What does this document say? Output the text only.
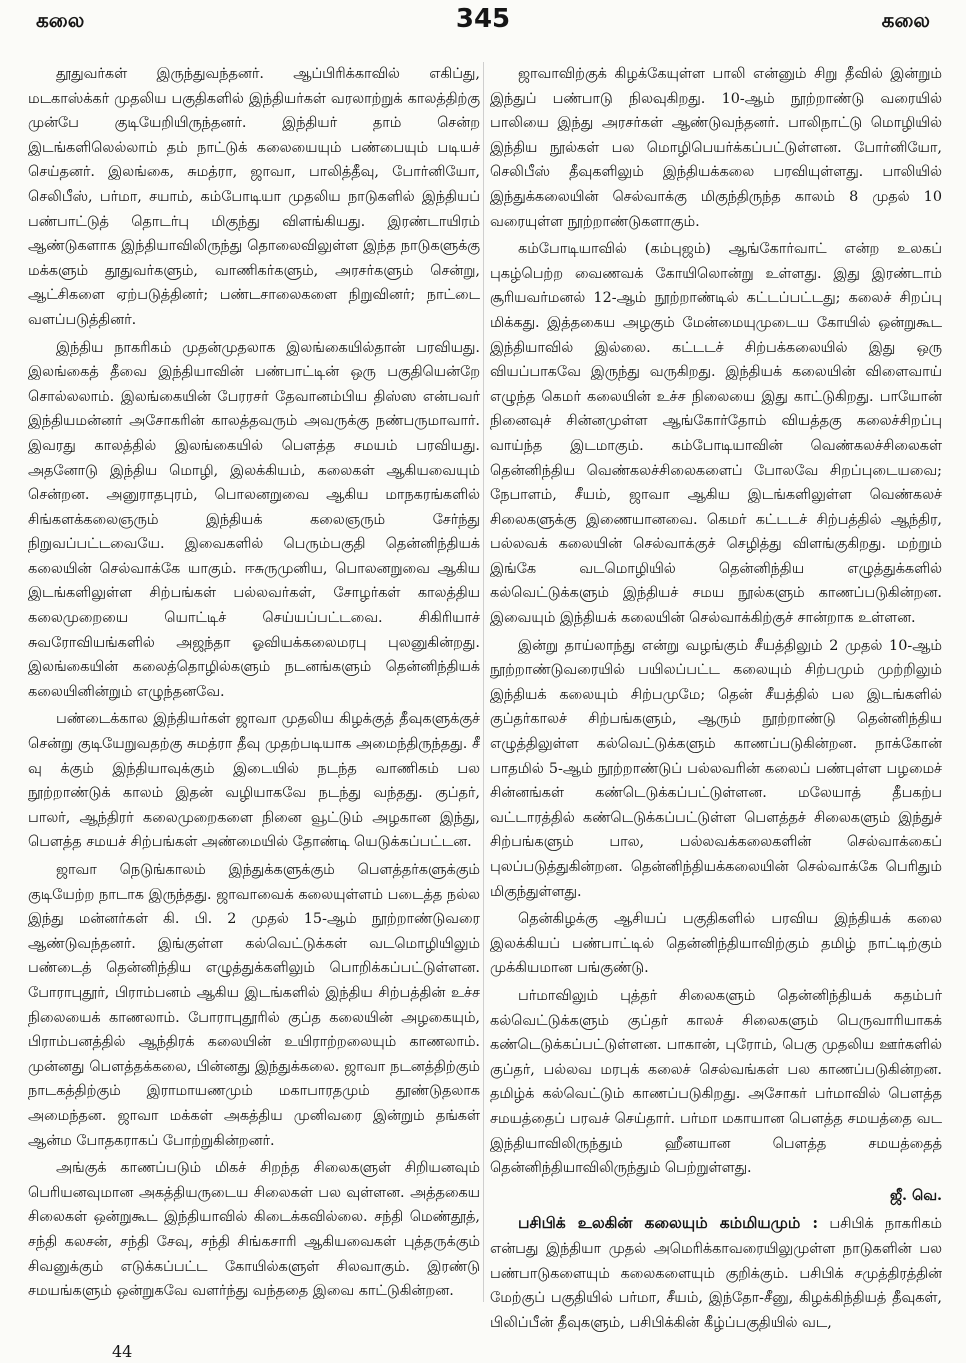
கலை	345	கலை

தூதுவர்கள் இருந்துவந்தனர். ஆப்பிரிக்காவில் எகிப்து, மடகாஸ்க்கர் முதலிய பகுதிகளில் இந்தியர்கள் வரலாற்றுக் காலத்திற்கு முன்பே குடியேறியிருந்தனர். இந்தியர் தாம் சென்ற இடங்களிலெல்லாம் தம் நாட்டுக் கலையையும் பண்பையும் படியச் செய்தனர். இலங்கை, சுமத்ரா, ஜாவா, பாலித்தீவு, போர்னியோ, செலிபீஸ், பர்மா, சயாம், கம்போடியா முதலிய நாடுகளில் இந்தியப் பண்பாட்டுத் தொடர்பு மிகுந்து விளங்கியது. இரண்டாயிரம் ஆண்டுகளாக இந்தியாவிலிருந்து தொலைவிலுள்ள இந்த நாடுகளுக்கு மக்களும் தூதுவர்களும், வாணிகர்களும், அரசர்களும் சென்று, ஆட்சிகளை ஏற்படுத்தினர்; பண்டசாலைகளை நிறுவினர்; நாட்டை வளப்படுத்தினர்.

இந்திய நாகரிகம் முதன்முதலாக இலங்கையில்தான் பரவியது. இலங்கைத் தீவை இந்தியாவின் பண்பாட்டின் ஒரு பகுதியென்றே சொல்லலாம். இலங்கையின் பேரரசர் தேவானம்பிய திஸ்ஸ என்பவர் இந்தியமன்னர் அசோகரின் காலத்தவரும் அவருக்கு நண்பருமாவார். இவரது காலத்தில் இலங்கையில் பௌத்த சமயம் பரவியது. அதனோடு இந்திய மொழி, இலக்கியம், கலைகள் ஆகியவையும் சென்றன. அனுராதபுரம், பொலனறுவை ஆகிய மாநகரங்களில் சிங்களக்கலைஞரும் இந்தியக் கலைஞரும் சேர்ந்து நிறுவப்பட்டவையே. இவைகளில் பெரும்பகுதி தென்னிந்தியக் கலையின் செல்வாக்கே யாகும். ஈசுருமுனிய, பொலனறுவை ஆகிய இடங்களிலுள்ள சிற்பங்கள் பல்லவர்கள், சோழர்கள் காலத்திய கலைமுறையை யொட்டிச் செய்யப்பட்டவை. சிகிரியாச் சுவரோவியங்களில் அஜந்தா ஓவியக்கலைமரபு புலனுகின்றது. இலங்கையின் கலைத்தொழில்களும் நடனங்களும் தென்னிந்தியக் கலையினின்றும் எழுந்தனவே.

பண்டைக்கால இந்தியர்கள் ஜாவா முதலிய கிழக்குத் தீவுகளுக்குச் சென்று குடியேறுவதற்கு சுமத்ரா தீவு முதற்படியாக அமைந்திருந்தது. சீ வு க்கும் இந்தியாவுக்கும் இடையில் நடந்த வாணிகம் பல நூற்றாண்டுக் காலம் இதன் வழியாகவே நடந்து வந்தது. குப்தர், பாலர், ஆந்திரர் கலைமுறைகளை நினை வூட்டும் அழகான இந்து, பௌத்த சமயச் சிற்பங்கள் அண்மையில் தோண்டி யெடுக்கப்பட்டன.

ஜாவா நெடுங்காலம் இந்துக்களுக்கும் பௌத்தர்களுக்கும் குடியேற்ற நாடாக இருந்தது. ஜாவாவைக் கலையுள்ளம் படைத்த நல்ல இந்து மன்னர்கள் கி. பி. 2 முதல் 15-ஆம் நூற்றாண்டுவரை ஆண்டுவந்தனர். இங்குள்ள கல்வெட்டுக்கள் வடமொழியிலும் பண்டைத் தென்னிந்திய எழுத்துக்களிலும் பொறிக்கப்பட்டுள்ளன. போராபுதூர், பிராம்பனம் ஆகிய இடங்களில் இந்திய சிற்பத்தின் உச்ச நிலையைக் காணலாம். போராபுதூரில் குப்த கலையின் அழகையும், பிராம்பனத்தில் ஆந்திரக் கலையின் உயிராற்றலையும் காணலாம். முன்னது பௌத்தக்கலை, பின்னது இந்துக்கலை. ஜாவா நடனத்திற்கும் நாடகத்திற்கும் இராமாயணமும் மகாபாரதமும் தூண்டுதலாக அமைந்தன. ஜாவா மக்கள் அகத்திய முனிவரை இன்றும் தங்கள் ஆன்ம போதகராகப் போற்றுகின்றனர்.

அங்குக் காணப்படும் மிகச் சிறந்த சிலைகளுள் சிறியனவும் பெரியனவுமான அகத்தியருடைய சிலைகள் பல வுள்ளன. அத்தகைய சிலைகள் ஒன்றுகூட இந்தியாவில் கிடைக்கவில்லை. சந்தி மெண்தூத், சந்தி கலசன், சந்தி சேவு, சந்தி சிங்கசாரி ஆகியவைகள் புத்தருக்கும் சிவனுக்கும் எடுக்கப்பட்ட கோயில்களுள் சிலவாகும். இரண்டு சமயங்களும் ஒன்றுகவே வளர்ந்து வந்ததை இவை காட்டுகின்றன.

ஜாவாவிற்குக் கிழக்கேயுள்ள பாலி என்னும் சிறு தீவில் இன்றும் இந்துப் பண்பாடு நிலவுகிறது. 10-ஆம் நூற்றாண்டு வரையில் பாலியை இந்து அரசர்கள் ஆண்டுவந்தனர். பாலிநாட்டு மொழியில் இந்திய நூல்கள் பல மொழிபெயர்க்கப்பட்டுள்ளன. போர்னியோ, செலிபீஸ் தீவுகளிலும் இந்தியக்கலை பரவியுள்ளது. பாலியில் இந்துக்கலையின் செல்வாக்கு மிகுந்திருந்த காலம் 8 முதல் 10 வரையுள்ள நூற்றாண்டுகளாகும்.

கம்போடியாவில் (கம்புஜம்) ஆங்கோர்வாட் என்ற உலகப் புகழ்பெற்ற வைணவக் கோயிலொன்று உள்ளது. இது இரண்டாம் சூரியவர்மனல் 12-ஆம் நூற்றாண்டில் கட்டப்பட்டது; கலைச் சிறப்பு மிக்கது. இத்தகைய அழகும் மேன்மையுமுடைய கோயில் ஒன்றுகூட இந்தியாவில் இல்லை. கட்டடச் சிற்பக்கலையில் இது ஒரு வியப்பாகவே இருந்து வருகிறது. இந்தியக் கலையின் விளைவாய் எழுந்த கெமர் கலையின் உச்ச நிலையை இது காட்டுகிறது. பாயோன் நினைவுச் சின்னமுள்ள ஆங்கோர்தோம் வியத்தகு கலைச்சிறப்பு வாய்ந்த இடமாகும். கம்போடியாவின் வெண்கலச்சிலைகள் தென்னிந்திய வெண்கலச்சிலைகளைப் போலவே சிறப்புடையவை; நேபாளம், சீயம், ஜாவா ஆகிய இடங்களிலுள்ள வெண்கலச் சிலைகளுக்கு இணையானவை. கெமர் கட்டடச் சிற்பத்தில் ஆந்திர, பல்லவக் கலையின் செல்வாக்குச் செழித்து விளங்குகிறது. மற்றும் இங்கே வடமொழியில் தென்னிந்திய எழுத்துக்களில் கல்வெட்டுக்களும் இந்தியச் சமய நூல்களும் காணப்படுகின்றன. இவையும் இந்தியக் கலையின் செல்வாக்கிற்குச் சான்றாக உள்ளன.

இன்று தாய்லாந்து என்று வழங்கும் சீயத்திலும் 2 முதல் 10-ஆம் நூற்றாண்டுவரையில் பயிலப்பட்ட கலையும் சிற்பமும் முற்றிலும் இந்தியக் கலையும் சிற்பமுமே; தென் சீயத்தில் பல இடங்களில் குப்தர்காலச் சிற்பங்களும், ஆரும் நூற்றாண்டு தென்னிந்திய எழுத்திலுள்ள கல்வெட்டுக்களும் காணப்படுகின்றன. நாக்கோன் பாதமில் 5-ஆம் நூற்றாண்டுப் பல்லவரின் கலைப் பண்புள்ள பழமைச் சின்னங்கள் கண்டெடுக்கப்பட்டுள்ளன. மலேயாத் தீபகற்ப வட்டாரத்தில் கண்டெடுக்கப்பட்டுள்ள பௌத்தச் சிலைகளும் இந்துச் சிற்பங்களும் பால, பல்லவக்கலைகளின் செல்வாக்கைப் புலப்படுத்துகின்றன. தென்னிந்தியக்கலையின் செல்வாக்கே பெரிதும் மிகுந்துள்ளது.

தென்கிழக்கு ஆசியப் பகுதிகளில் பரவிய இந்தியக் கலை இலக்கியப் பண்பாட்டில் தென்னிந்தியாவிற்கும் தமிழ் நாட்டிற்கும் முக்கியமான பங்குண்டு.

பர்மாவிலும் புத்தர் சிலைகளும் தென்னிந்தியக் கதம்பர் கல்வெட்டுக்களும் குப்தர் காலச் சிலைகளும் பெருவாரியாகக் கண்டெடுக்கப்பட்டுள்ளன. பாகான், புரோம், பெகு முதலிய ஊர்களில் குப்தர், பல்லவ மரபுக் கலைச் செல்வங்கள் பல காணப்படுகின்றன. தமிழ்க் கல்வெட்டும் காணப்படுகிறது. அசோகர் பர்மாவில் பௌத்த சமயத்தைப் பரவச் செய்தார். பர்மா மகாயான பௌத்த சமயத்தை வட இந்தியாவிலிருந்தும் ஹீனயான பௌத்த சமயத்தைத் தென்னிந்தியாவிலிருந்தும் பெற்றுள்ளது.

ஜீ. வெ.

பசிபிக் உலகின் கலையும் கம்மியமும் : பசிபிக் நாகரிகம் என்பது இந்தியா முதல் அமெரிக்காவரையிலுமுள்ள நாடுகளின் பல பண்பாடுகளையும் கலைகளையும் குறிக்கும். பசிபிக் சமுத்திரத்தின் மேற்குப் பகுதியில் பர்மா, சீயம், இந்தோ-சீனு, கிழக்கிந்தியத் தீவுகள், பிலிப்பீன் தீவுகளும், பசிபிக்கின் கீழ்ப்பகுதியில் வட,

44
